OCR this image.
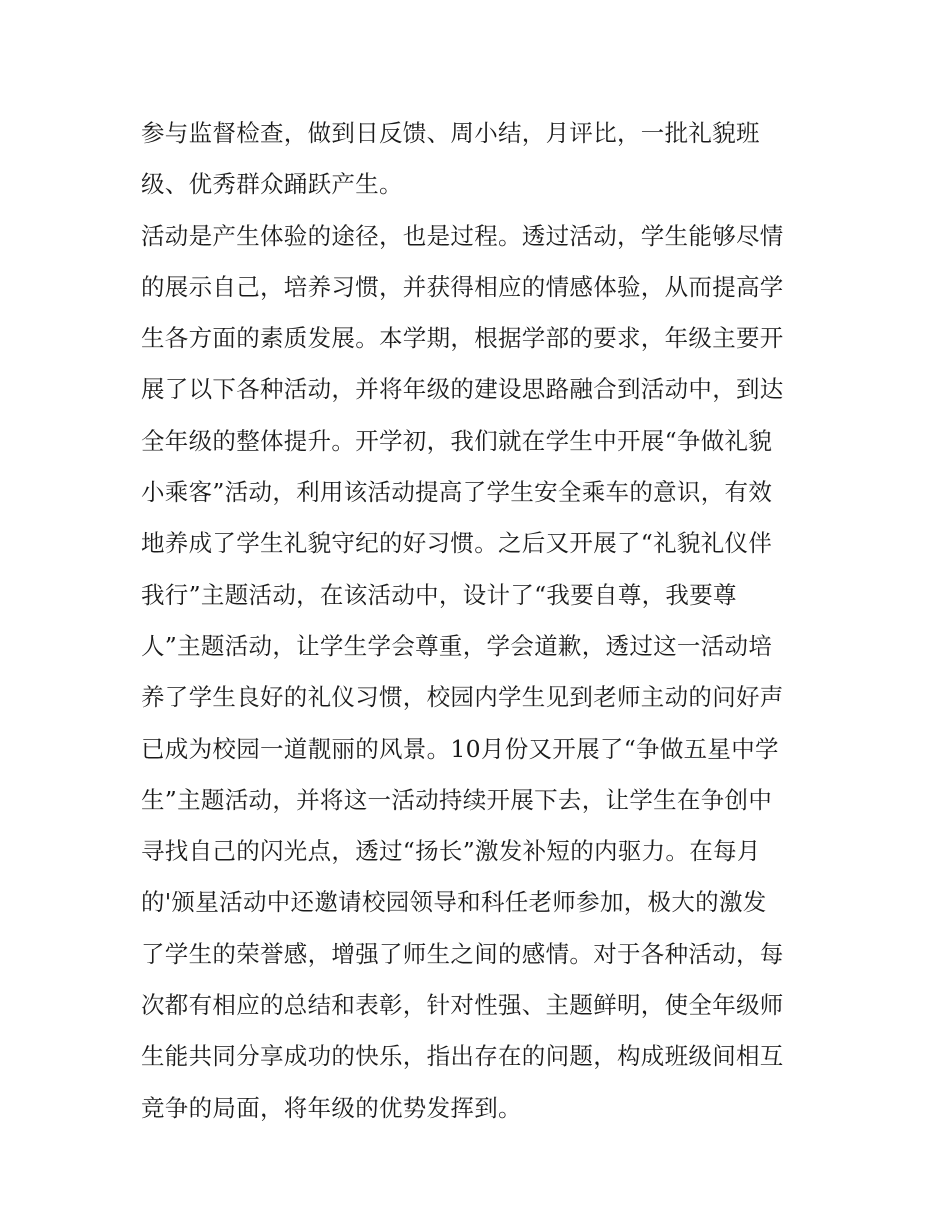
参与监督检查，做到日反馈、周小结，月评比，一批礼貌班
级、优秀群众踊跃产生。
活动是产生体验的途径，也是过程。透过活动，学生能够尽情
的展示自己，培养习惯，并获得相应的情感体验，从而提高学
生各方面的素质发展。本学期，根据学部的要求，年级主要开
展了以下各种活动，并将年级的建设思路融合到活动中，到达
全年级的整体提升。开学初，我们就在学生中开展“争做礼貌
小乘客”活动，利用该活动提高了学生安全乘车的意识，有效
地养成了学生礼貌守纪的好习惯。之后又开展了“礼貌礼仪伴
我行”主题活动，在该活动中，设计了“我要自尊，我要尊
人”主题活动，让学生学会尊重，学会道歉，透过这一活动培
养了学生良好的礼仪习惯，校园内学生见到老师主动的问好声
已成为校园一道靓丽的风景。10月份又开展了“争做五星中学
生”主题活动，并将这一活动持续开展下去，让学生在争创中
寻找自己的闪光点，透过“扬长”激发补短的内驱力。在每月
的'颁星活动中还邀请校园领导和科任老师参加，极大的激发
了学生的荣誉感，增强了师生之间的感情。对于各种活动，每
次都有相应的总结和表彰，针对性强、主题鲜明，使全年级师
生能共同分享成功的快乐，指出存在的问题，构成班级间相互
竞争的局面，将年级的优势发挥到。
